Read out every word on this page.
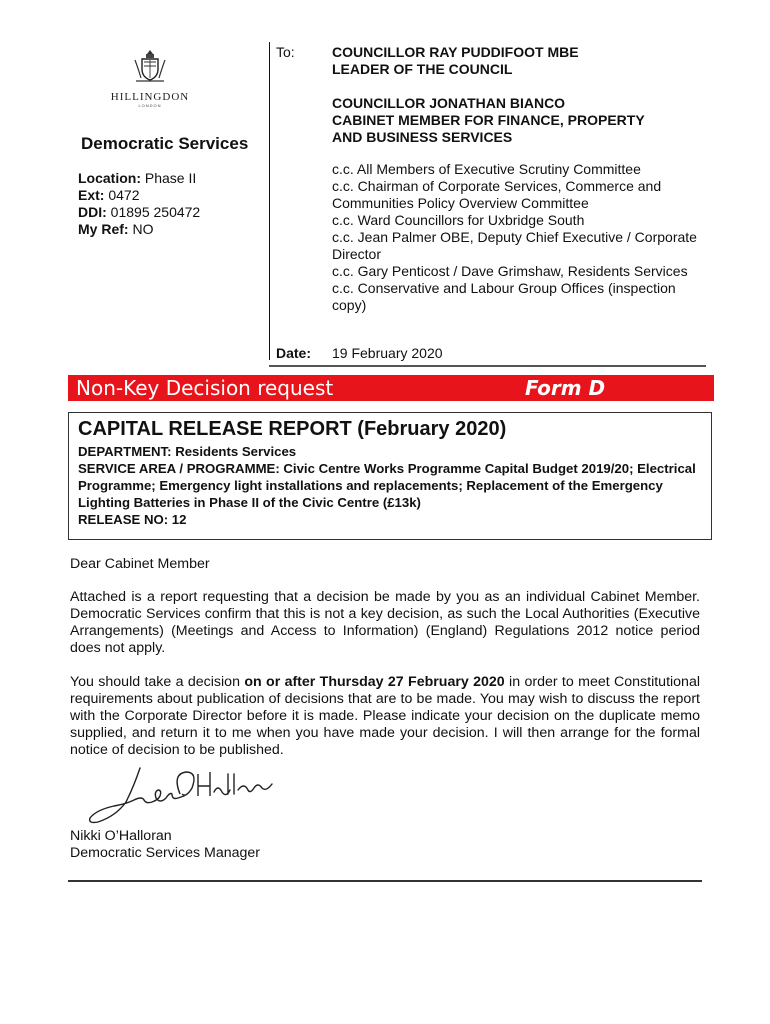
HILLINGDON
LONDON
Democratic Services
Location: Phase II
Ext: 0472
DDI: 01895 250472
My Ref: NO
To:	COUNCILLOR RAY PUDDIFOOT MBE
LEADER OF THE COUNCIL
COUNCILLOR JONATHAN BIANCO
CABINET MEMBER FOR FINANCE, PROPERTY
AND BUSINESS SERVICES
c.c. All Members of Executive Scrutiny Committee
c.c. Chairman of Corporate Services, Commerce and Communities Policy Overview Committee
c.c. Ward Councillors for Uxbridge South
c.c. Jean Palmer OBE, Deputy Chief Executive / Corporate Director
c.c. Gary Penticost / Dave Grimshaw, Residents Services
c.c. Conservative and Labour Group Offices (inspection copy)
Date: 19 February 2020
Non-Key Decision request	Form D
CAPITAL RELEASE REPORT (February 2020)
DEPARTMENT: Residents Services
SERVICE AREA / PROGRAMME: Civic Centre Works Programme Capital Budget 2019/20; Electrical Programme; Emergency light installations and replacements; Replacement of the Emergency Lighting Batteries in Phase II of the Civic Centre (£13k)
RELEASE NO: 12
Dear Cabinet Member
Attached is a report requesting that a decision be made by you as an individual Cabinet Member. Democratic Services confirm that this is not a key decision, as such the Local Authorities (Executive Arrangements) (Meetings and Access to Information) (England) Regulations 2012 notice period does not apply.
You should take a decision on or after Thursday 27 February 2020 in order to meet Constitutional requirements about publication of decisions that are to be made. You may wish to discuss the report with the Corporate Director before it is made. Please indicate your decision on the duplicate memo supplied, and return it to me when you have made your decision. I will then arrange for the formal notice of decision to be published.
Nikki O’Halloran
Democratic Services Manager
